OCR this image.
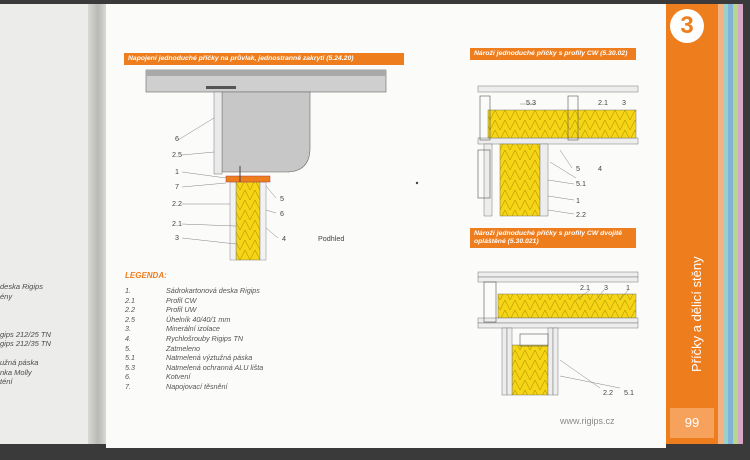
deska Rigips
ény

gips 212/25 TN
gips 212/35 TN

užná páska
nka Molly
téní
3
Příčky a dělicí stěny
99
www.rigips.cz
Napojení jednoduché příčky na průvlak, jednostranně zakrytí (5.24.20)
Nároží jednoduché příčky s profily CW (5.30.02)
Nároží jednoduché příčky s profily CW dvojitě opláštěné (5.30.021)
6
2.5
1
7
2.2
2.1
3
5
6
4	Podhled
5.3	2.1 3
5	4
5.1
1
2.2
2.1 3	1
2.2 5.1
LEGENDA:
1.	Sádrokartonová deska Rigips
2.1	Profil CW
2.2	Profil UW
2.5	Úhelník 40/40/1 mm
3.	Minerální izolace
4.	Rychlošrouby Rigips TN
5.	Zatmeleno
5.1	Natmelená výztužná páska
5.3	Natmelená ochranná ALU lišta
6.	Kotvení
7.	Napojovací těsnění
